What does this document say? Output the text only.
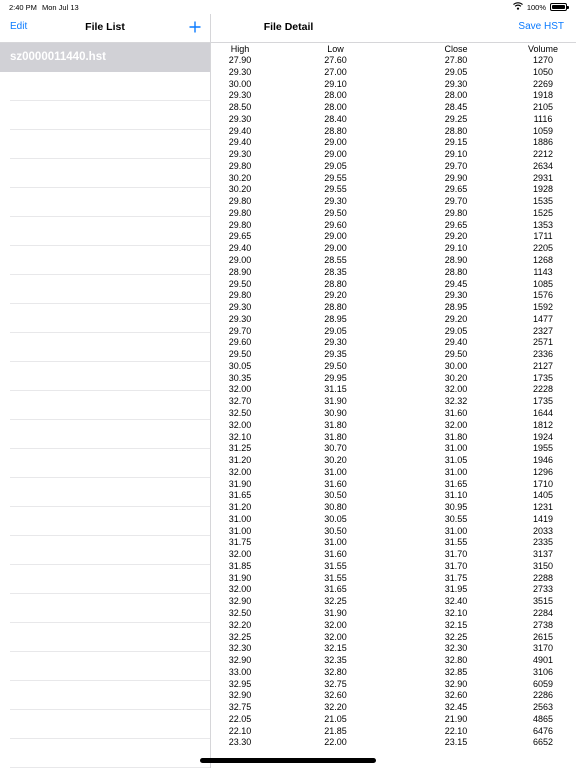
2:40 PM Mon Jul 13	100%
Edit	File List
sz0000011440.hst
File Detail	Save HST
High	Low	Close	Volume
27.90	27.60	27.80	1270
29.30	27.00	29.05	1050
30.00	29.10	29.30	2269
29.30	28.00	28.00	1918
28.50	28.00	28.45	2105
29.30	28.40	29.25	1116
29.40	28.80	28.80	1059
29.40	29.00	29.15	1886
29.30	29.00	29.10	2212
29.80	29.05	29.70	2634
30.20	29.55	29.90	2931
30.20	29.55	29.65	1928
29.80	29.30	29.70	1535
29.80	29.50	29.80	1525
29.80	29.60	29.65	1353
29.65	29.00	29.20	1711
29.40	29.00	29.10	2205
29.00	28.55	28.90	1268
28.90	28.35	28.80	1143
29.50	28.80	29.45	1085
29.80	29.20	29.30	1576
29.30	28.80	28.95	1592
29.30	28.95	29.20	1477
29.70	29.05	29.05	2327
29.60	29.30	29.40	2571
29.50	29.35	29.50	2336
30.05	29.50	30.00	2127
30.35	29.95	30.20	1735
32.00	31.15	32.00	2228
32.70	31.90	32.32	1735
32.50	30.90	31.60	1644
32.00	31.80	32.00	1812
32.10	31.80	31.80	1924
31.25	30.70	31.00	1955
31.20	30.20	31.05	1946
32.00	31.00	31.00	1296
31.90	31.60	31.65	1710
31.65	30.50	31.10	1405
31.20	30.80	30.95	1231
31.00	30.05	30.55	1419
31.00	30.50	31.00	2033
31.75	31.00	31.55	2335
32.00	31.60	31.70	3137
31.85	31.55	31.70	3150
31.90	31.55	31.75	2288
32.00	31.65	31.95	2733
32.90	32.25	32.40	3515
32.50	31.90	32.10	2284
32.20	32.00	32.15	2738
32.25	32.00	32.25	2615
32.30	32.15	32.30	3170
32.90	32.35	32.80	4901
33.00	32.80	32.85	3106
32.95	32.75	32.90	6059
32.90	32.60	32.60	2286
32.75	32.20	32.45	2563
22.05	21.05	21.90	4865
22.10	21.85	22.10	6476
23.30	22.00	23.15	6652
